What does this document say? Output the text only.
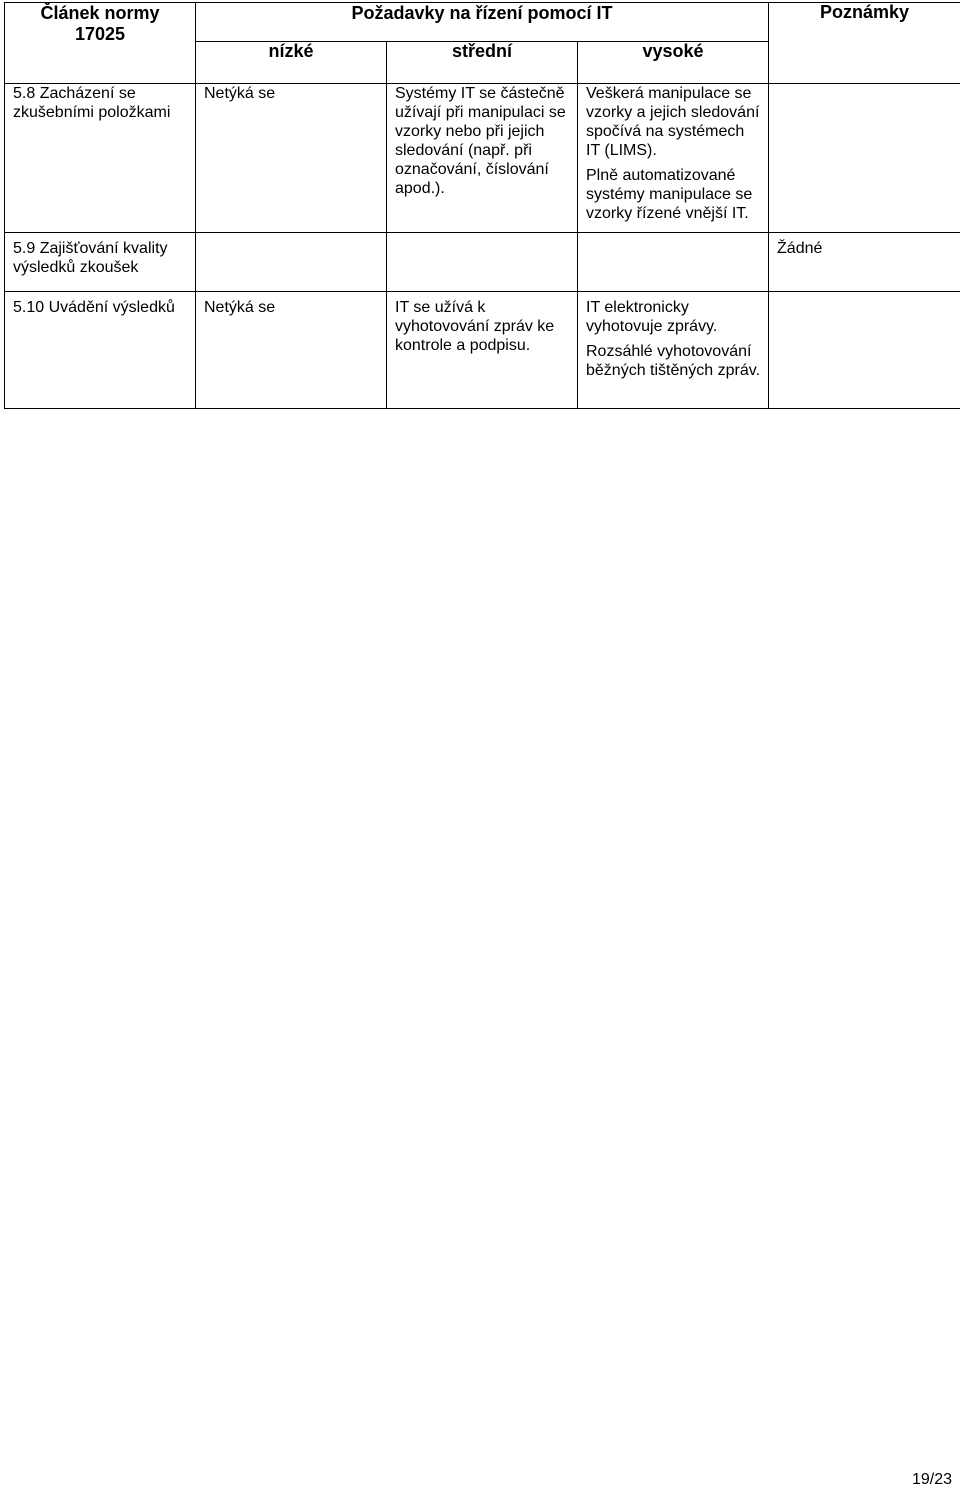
Článek normy 17025	Požadavky na řízení pomocí IT			Poznámky
	nízké	střední	vysoké	
5.8 Zacházení se zkušebními položkami	Netýká se	Systémy IT se částečně užívají při manipulaci se vzorky nebo při jejich sledování (např. při označování, číslování apod.).	Veškerá manipulace se vzorky a jejich sledování spočívá na systémech IT (LIMS).
Plně automatizované systémy manipulace se vzorky řízené vnější IT.	

5.9 Zajišťování kvality výsledků zkoušek				Žádné
5.10 Uvádění výsledků	Netýká se	IT se užívá k vyhotovování zpráv ke kontrole a podpisu.	IT elektronicky vyhotovuje zprávy.
Rozsáhlé vyhotovování běžných tištěných zpráv.	

19/23
